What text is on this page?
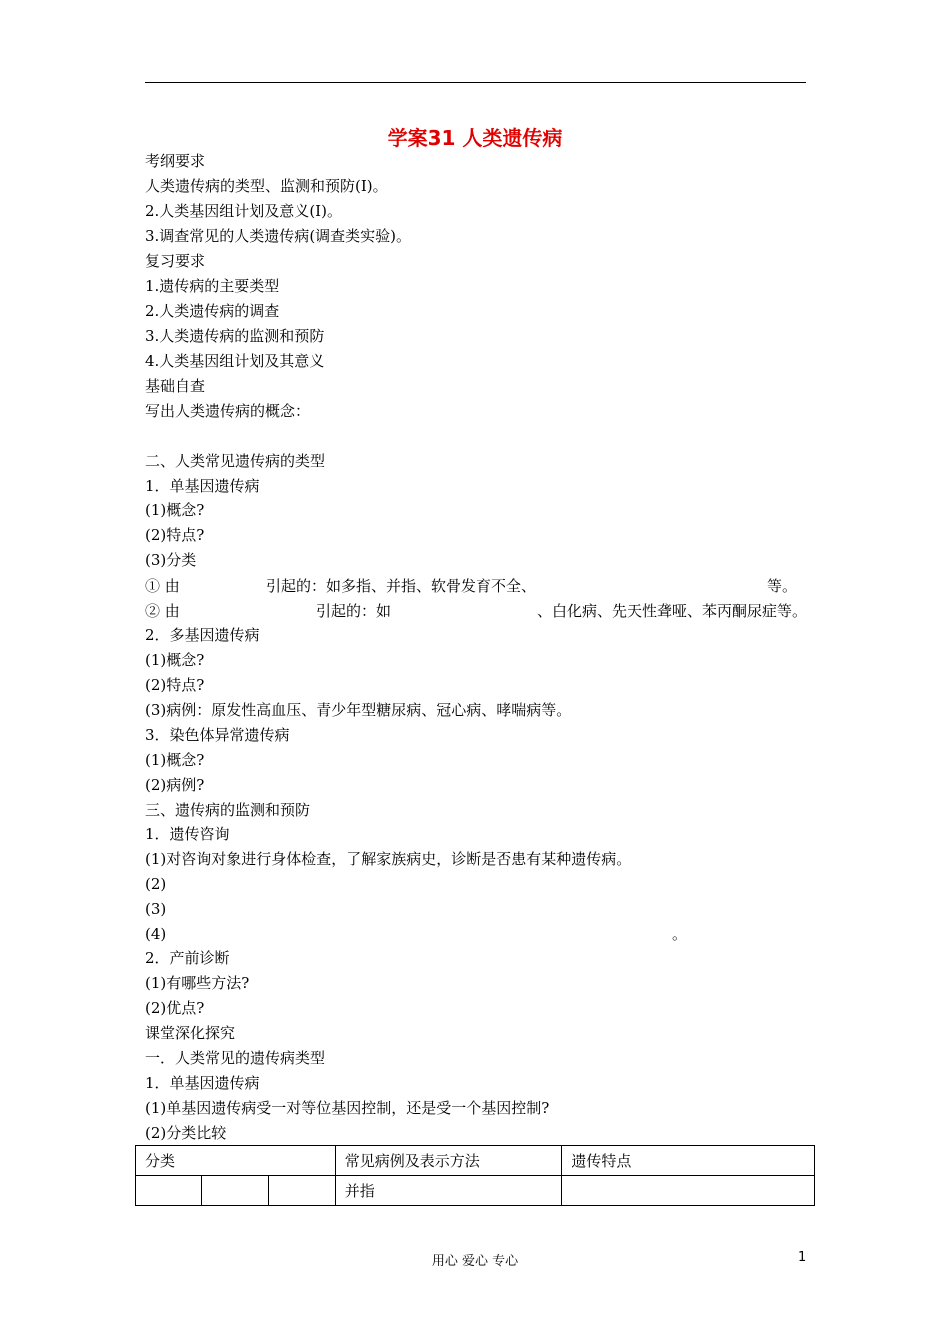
学案31 人类遗传病
考纲要求
人类遗传病的类型、监测和预防(Ⅰ)。
2.人类基因组计划及意义(Ⅰ)。
3.调查常见的人类遗传病(调查类实验)。
复习要求
1.遗传病的主要类型
2.人类遗传病的调查
3.人类遗传病的监测和预防
4.人类基因组计划及其意义
基础自查
写出人类遗传病的概念：
二、人类常见遗传病的类型
1．单基因遗传病
(1)概念?
(2)特点?
(3)分类
① 由	引起的：如多指、并指、软骨发育不全、	等。
② 由	引起的：如	、白化病、先天性聋哑、苯丙酮尿症等。
2．多基因遗传病
(1)概念?
(2)特点?
(3)病例：原发性高血压、青少年型糖尿病、冠心病、哮喘病等。
3．染色体异常遗传病
(1)概念?
(2)病例?
三、遗传病的监测和预防
1．遗传咨询
(1)对咨询对象进行身体检查，了解家族病史，诊断是否患有某种遗传病。
(2)
(3)
(4)	。
2．产前诊断
(1)有哪些方法?
(2)优点?
课堂深化探究
一．人类常见的遗传病类型
1．单基因遗传病
(1)单基因遗传病受一对等位基因控制，还是受一个基因控制?
(2)分类比较
分类			常见病例及表示方法	遗传特点
			并指	
用心 爱心 专心	1
